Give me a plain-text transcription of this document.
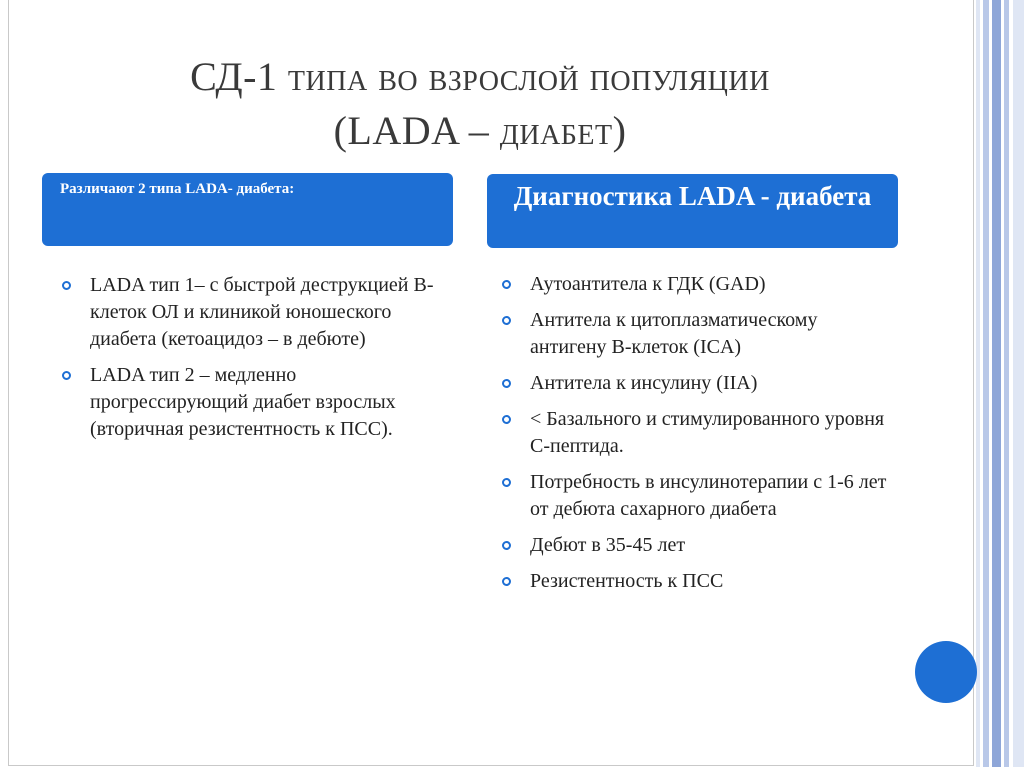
СД-1 типа во взрослой популяции
(LADA – диабет)
Различают 2 типа LADA- диабета:	Диагностика LADA - диабета
LADA тип 1– с быстрой деструкцией В-клеток ОЛ и клиникой юношеского диабета (кетоацидоз – в дебюте)
LADA тип 2 – медленно прогрессирующий диабет взрослых (вторичная резистентность к ПСС).
Аутоантитела к ГДК (GAD)
Антитела к цитоплазматическому антигену В-клеток (ICA)
Антитела к инсулину (IIA)
< Базального и стимулированного уровня С-пептида.
Потребность в инсулинотерапии с 1-6 лет от дебюта сахарного диабета
Дебют в 35-45 лет
Резистентность к ПСС
